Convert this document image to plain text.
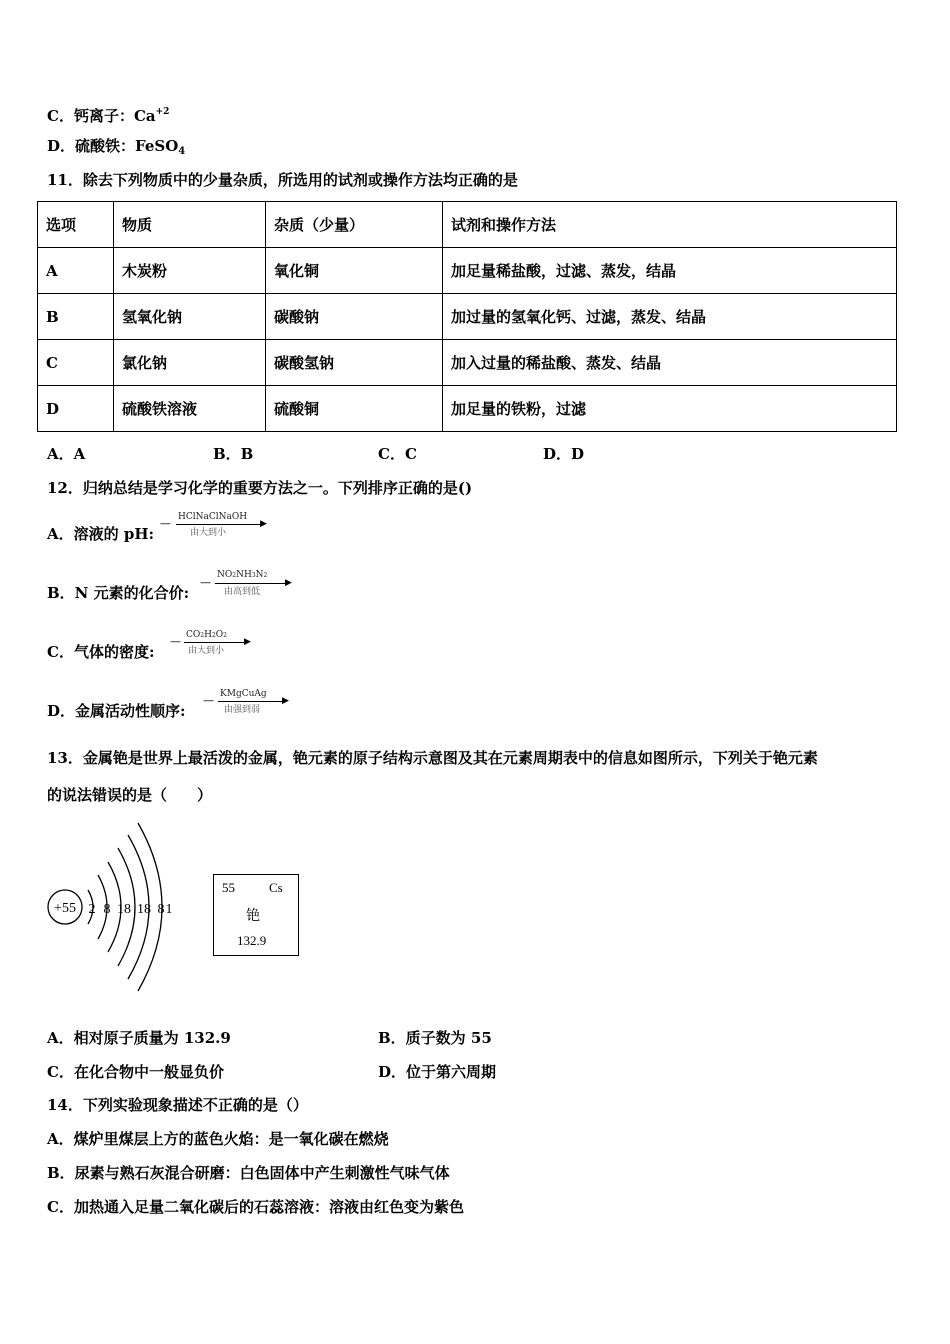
C．钙离子：$Ca^{+2}$
D．硫酸铁：FeSO$_4$
11．除去下列物质中的少量杂质，所选用的试剂或操作方法均正确的是
选项	物质	杂质（少量）	试剂和操作方法
A	木炭粉	氧化铜	加足量稀盐酸，过滤、蒸发，结晶
B	氢氧化钠	碳酸钠	加过量的氢氧化钙、过滤，蒸发、结晶
C	氯化钠	碳酸氢钠	加入过量的稀盐酸、蒸发、结晶
D	硫酸铁溶液	硫酸铜	加足量的铁粉，过滤
A．A	B．B	C．C	D．D
12．归纳总结是学习化学的重要方法之一。下列排序正确的是()
A．溶液的 pH:
— HClNaClNaOH
▶
由大到小
B．N 元素的化合价:
—
NO2NH3N2
▶
由高到低
C．气体的密度:
— CO2H2O2
▶
由大到小
D．金属活动性顺序:
— KMgCuAg
▶
由强到弱
13．金属铯是世界上最活泼的金属，铯元素的原子结构示意图及其在元素周期表中的信息如图所示，下列关于铯元素
的说法错误的是（　　）
+55 2 8 18 18 8 1
55	Cs
铯
132.9
A．相对原子质量为 132.9	B．质子数为 55
C．在化合物中一般显负价	D．位于第六周期
14．下列实验现象描述不正确的是（）
A．煤炉里煤层上方的蓝色火焰：是一氧化碳在燃烧
B．尿素与熟石灰混合研磨：白色固体中产生刺激性气味气体
C．加热通入足量二氧化碳后的石蕊溶液：溶液由红色变为紫色
